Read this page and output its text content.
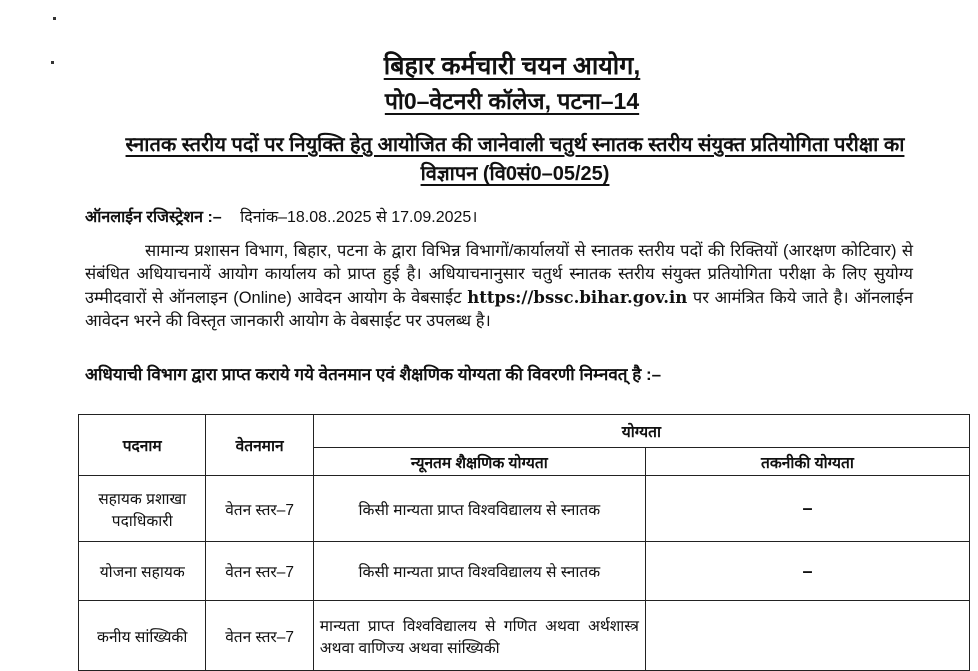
बिहार कर्मचारी चयन आयोग,
पो0–वेटनरी कॉलेज, पटना–14
स्नातक स्तरीय पदों पर नियुक्ति हेतु आयोजित की जानेवाली चतुर्थ स्नातक स्तरीय संयुक्त प्रतियोगिता परीक्षा का विज्ञापन (वि0सं0–05/25)
ऑनलाईन रजिस्ट्रेशन :– दिनांक–18.08..2025 से 17.09.2025।
सामान्य प्रशासन विभाग, बिहार, पटना के द्वारा विभिन्न विभागों/कार्यालयों से स्नातक स्तरीय पदों की रिक्तियों (आरक्षण कोटिवार) से संबंधित अधियाचनायें आयोग कार्यालय को प्राप्त हुई है। अधियाचनानुसार चतुर्थ स्नातक स्तरीय संयुक्त प्रतियोगिता परीक्षा के लिए सुयोग्य उम्मीदवारों से ऑनलाइन (Online) आवेदन आयोग के वेबसाईट https://bssc.bihar.gov.in पर आमंत्रित किये जाते है। ऑनलाईन आवेदन भरने की विस्तृत जानकारी आयोग के वेबसाईट पर उपलब्ध है।
अधियाची विभाग द्वारा प्राप्त कराये गये वेतनमान एवं शैक्षणिक योग्यता की विवरणी निम्नवत् है :–
पदनाम	वेतनमान	योग्यता	
		न्यूनतम शैक्षणिक योग्यता	तकनीकी योग्यता
सहायक प्रशाखा पदाधिकारी	वेतन स्तर–7	किसी मान्यता प्राप्त विश्वविद्यालय से स्नातक	–
योजना सहायक	वेतन स्तर–7	किसी मान्यता प्राप्त विश्वविद्यालय से स्नातक	–
कनीय सांख्यिकी	वेतन स्तर–7	मान्यता प्राप्त विश्वविद्यालय से गणित अथवा अर्थशास्त्र अथवा वाणिज्य अथवा सांख्यिकी	
